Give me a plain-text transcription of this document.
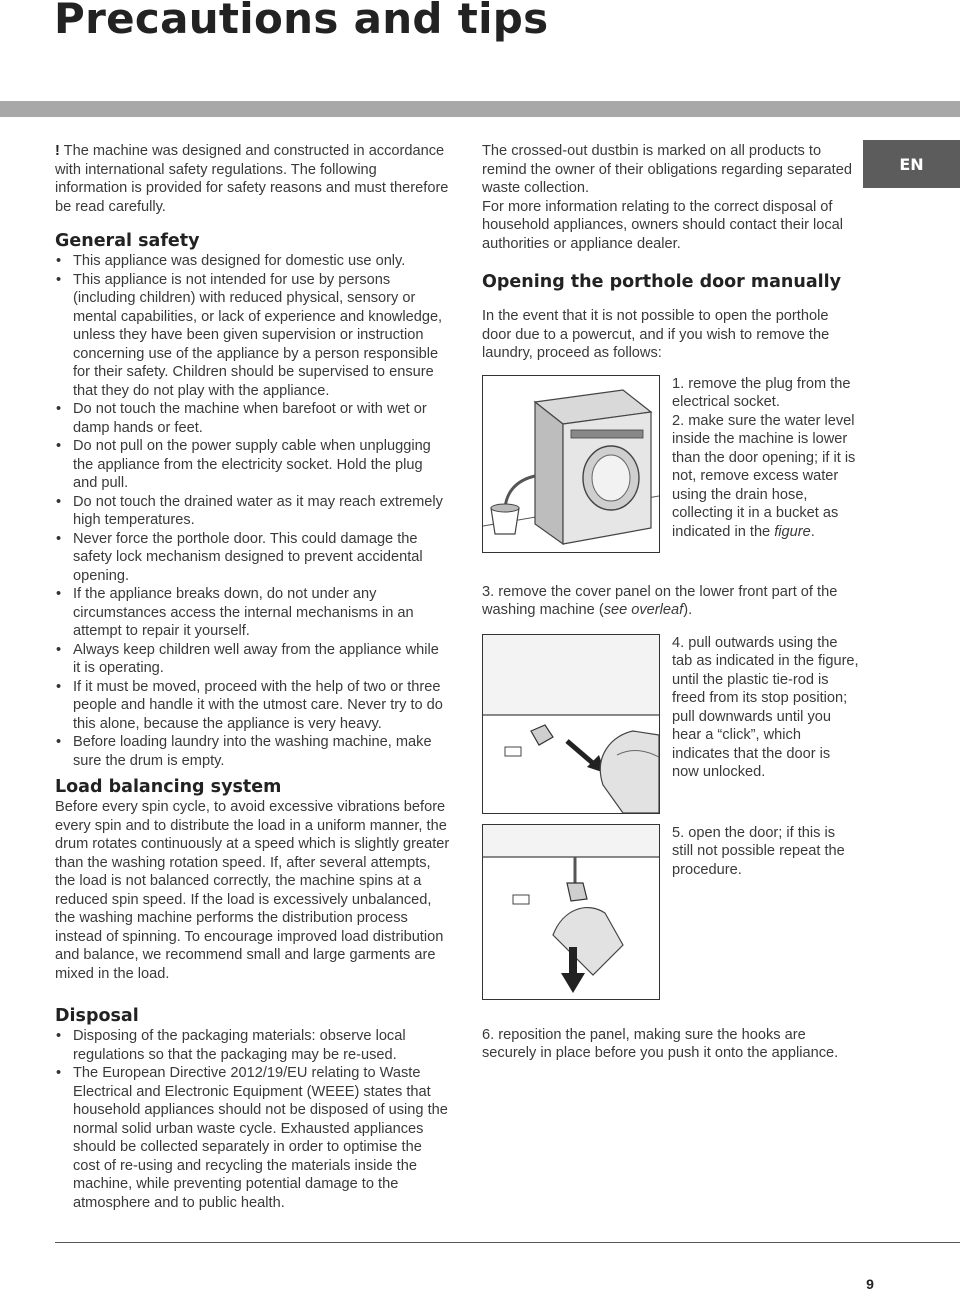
Precautions and tips
EN

! The machine was designed and constructed in accordance with international safety regulations. The following information is provided for safety reasons and must therefore be read carefully.

General safety
• This appliance was designed for domestic use only.
• This appliance is not intended for use by persons (including children) with reduced physical, sensory or mental capabilities, or lack of experience and knowledge, unless they have been given supervision or instruction concerning use of the appliance by a person responsible for their safety. Children should be supervised to ensure that they do not play with the appliance.
• Do not touch the machine when barefoot or with wet or damp hands or feet.
• Do not pull on the power supply cable when unplugging the appliance from the electricity socket. Hold the plug and pull.
• Do not touch the drained water as it may reach extremely high temperatures.
• Never force the porthole door. This could damage the safety lock mechanism designed to prevent accidental opening.
• If the appliance breaks down, do not under any circumstances access the internal mechanisms in an attempt to repair it yourself.
• Always keep children well away from the appliance while it is operating.
• If it must be moved, proceed with the help of two or three people and handle it with the utmost care. Never try to do this alone, because the appliance is very heavy.
• Before loading laundry into the washing machine, make sure the drum is empty.
Load balancing system

Before every spin cycle, to avoid excessive vibrations before every spin and to distribute the load in a uniform manner, the drum rotates continuously at a speed which is slightly greater than the washing rotation speed. If, after several attempts, the load is not balanced correctly, the machine spins at a reduced spin speed. If the load is excessively unbalanced, the washing machine performs the distribution process instead of spinning. To encourage improved load distribution and balance, we recommend small and large garments are mixed in the load.

Disposal
• Disposing of the packaging materials: observe local regulations so that the packaging may be re-used.
• The European Directive 2012/19/EU relating to Waste Electrical and Electronic Equipment (WEEE) states that household appliances should not be disposed of using the normal solid urban waste cycle. Exhausted appliances should be collected separately in order to optimise the cost of re-using and recycling the materials inside the machine, while preventing potential damage to the atmosphere and to public health.

The crossed-out dustbin is marked on all products to remind the owner of their obligations regarding separated waste collection.

For more information relating to the correct disposal of household appliances, owners should contact their local authorities or appliance dealer.

Opening the porthole door manually

In the event that it is not possible to open the porthole door due to a powercut, and if you wish to remove the laundry, proceed as follows:

1. remove the plug from the electrical socket.

2. make sure the water level inside the machine is lower than the door opening; if it is not, remove excess water using the drain hose, collecting it in a bucket as indicated in the figure.

3. remove the cover panel on the lower front part of the washing machine (see overleaf).

4. pull outwards using the tab as indicated in the figure, until the plastic tie-rod is freed from its stop position; pull downwards until you hear a “click”, which indicates that the door is now unlocked.

5. open the door; if this is still not possible repeat the procedure.

6. reposition the panel, making sure the hooks are securely in place before you push it onto the appliance.

9
